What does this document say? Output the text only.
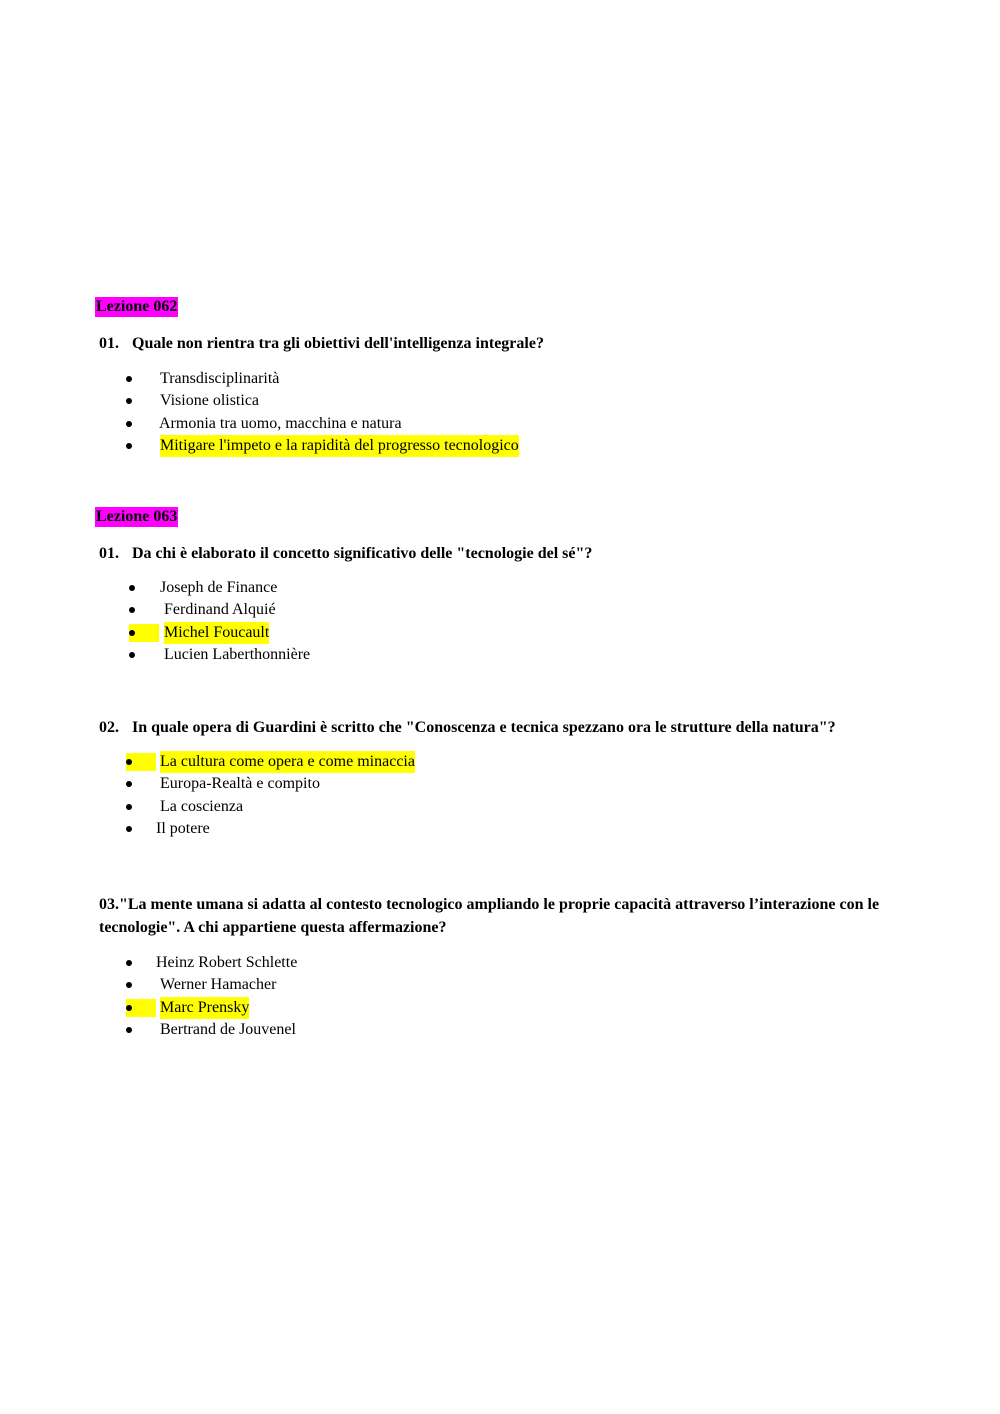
Lezione 062
01. Quale non rientra tra gli obiettivi dell'intelligenza integrale?
Transdisciplinarità
Visione olistica
Armonia tra uomo, macchina e natura
Mitigare l'impeto e la rapidità del progresso tecnologico
Lezione 063
01. Da chi è elaborato il concetto significativo delle "tecnologie del sé"?
Joseph de Finance
Ferdinand Alquié
Michel Foucault
Lucien Laberthonnière
02. In quale opera di Guardini è scritto che "Conoscenza e tecnica spezzano ora le strutture della natura"?
La cultura come opera e come minaccia
Europa-Realtà e compito
La coscienza
Il potere
03."La mente umana si adatta al contesto tecnologico ampliando le proprie capacità attraverso l’interazione con le tecnologie". A chi appartiene questa affermazione?
Heinz Robert Schlette
Werner Hamacher
Marc Prensky
Bertrand de Jouvenel
